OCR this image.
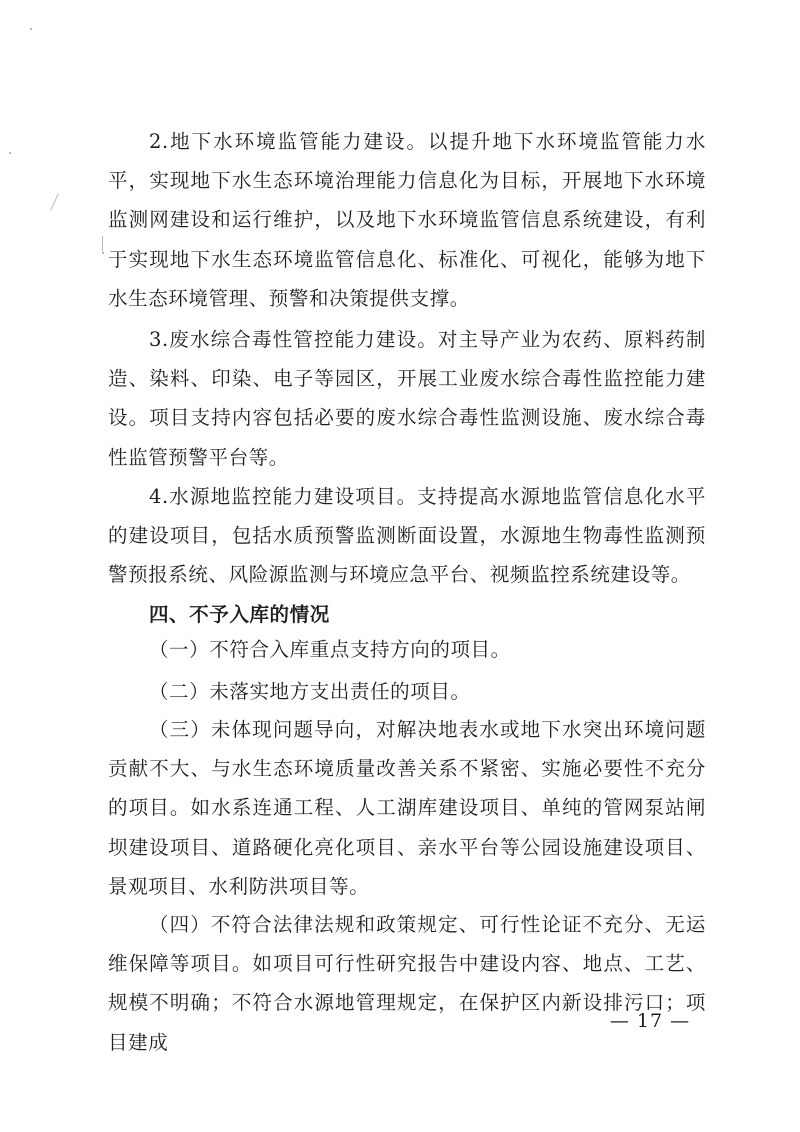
2.地下水环境监管能力建设。以提升地下水环境监管能力水平，实现地下水生态环境治理能力信息化为目标，开展地下水环境监测网建设和运行维护，以及地下水环境监管信息系统建设，有利于实现地下水生态环境监管信息化、标准化、可视化，能够为地下水生态环境管理、预警和决策提供支撑。

3.废水综合毒性管控能力建设。对主导产业为农药、原料药制造、染料、印染、电子等园区，开展工业废水综合毒性监控能力建设。项目支持内容包括必要的废水综合毒性监测设施、废水综合毒性监管预警平台等。

4.水源地监控能力建设项目。支持提高水源地监管信息化水平的建设项目，包括水质预警监测断面设置，水源地生物毒性监测预警预报系统、风险源监测与环境应急平台、视频监控系统建设等。

四、不予入库的情况

（一）不符合入库重点支持方向的项目。

（二）未落实地方支出责任的项目。

（三）未体现问题导向，对解决地表水或地下水突出环境问题贡献不大、与水生态环境质量改善关系不紧密、实施必要性不充分的项目。如水系连通工程、人工湖库建设项目、单纯的管网泵站闸坝建设项目、道路硬化亮化项目、亲水平台等公园设施建设项目、景观项目、水利防洪项目等。

（四）不符合法律法规和政策规定、可行性论证不充分、无运维保障等项目。如项目可行性研究报告中建设内容、地点、工艺、规模不明确；不符合水源地管理规定，在保护区内新设排污口；项目建成

— 17 —
